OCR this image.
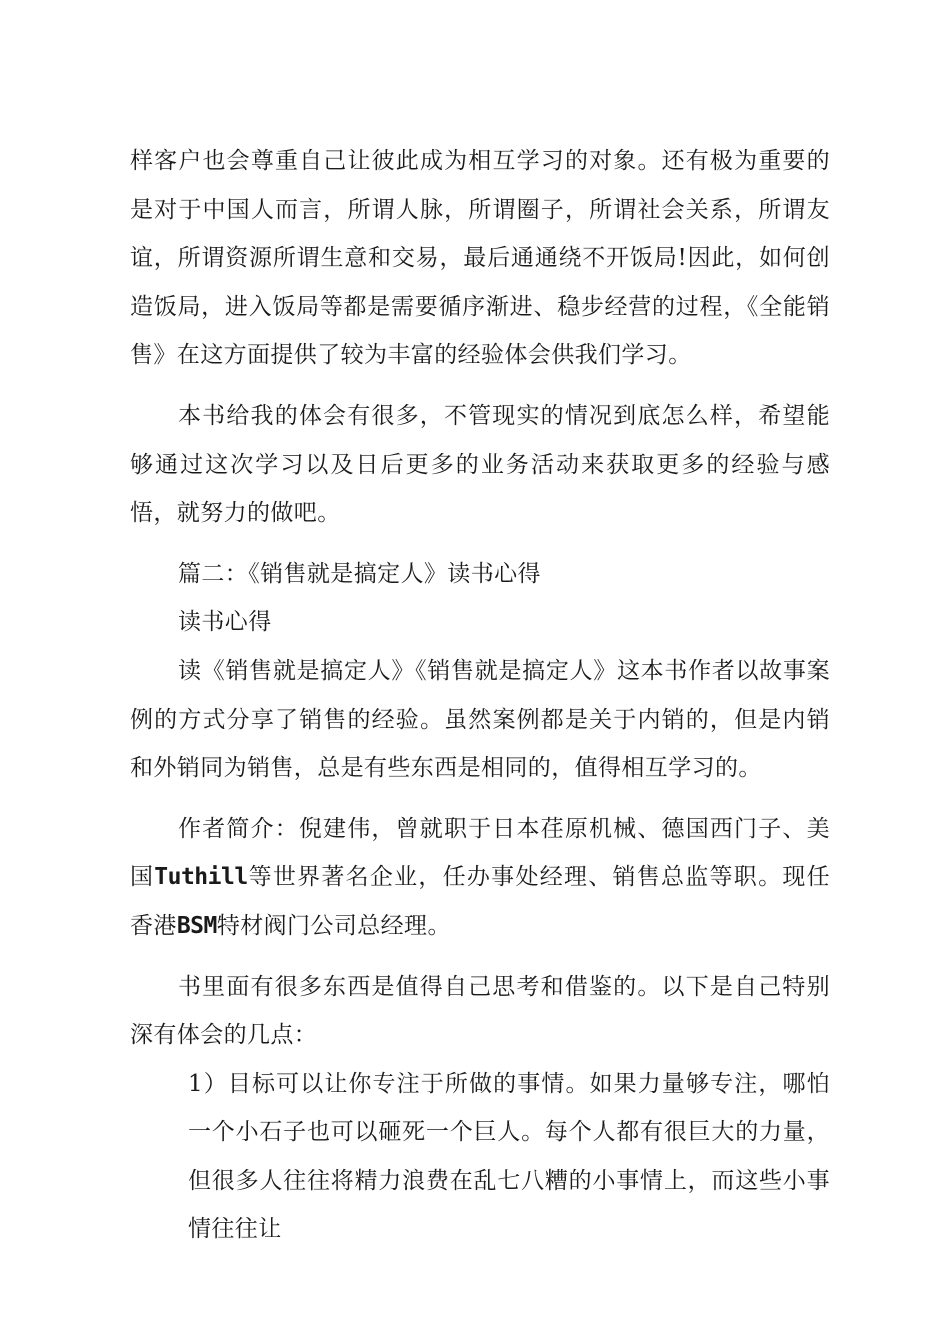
样客户也会尊重自己让彼此成为相互学习的对象。还有极为重要的是对于中国人而言，所谓人脉，所谓圈子，所谓社会关系，所谓友谊，所谓资源所谓生意和交易，最后通通绕不开饭局!因此，如何创造饭局，进入饭局等都是需要循序渐进、稳步经营的过程，《全能销售》在这方面提供了较为丰富的经验体会供我们学习。

本书给我的体会有很多，不管现实的情况到底怎么样，希望能够通过这次学习以及日后更多的业务活动来获取更多的经验与感悟，就努力的做吧。

篇二：《销售就是搞定人》读书心得

读书心得

读《销售就是搞定人》《销售就是搞定人》这本书作者以故事案例的方式分享了销售的经验。虽然案例都是关于内销的，但是内销和外销同为销售，总是有些东西是相同的，值得相互学习的。

作者简介：倪建伟，曾就职于日本荏原机械、德国西门子、美国Tuthill等世界著名企业，任办事处经理、销售总监等职。现任香港BSM特材阀门公司总经理。

书里面有很多东西是值得自己思考和借鉴的。以下是自己特别深有体会的几点：

1）目标可以让你专注于所做的事情。如果力量够专注，哪怕一个小石子也可以砸死一个巨人。每个人都有很巨大的力量，但很多人往往将精力浪费在乱七八糟的小事情上，而这些小事情往往让
